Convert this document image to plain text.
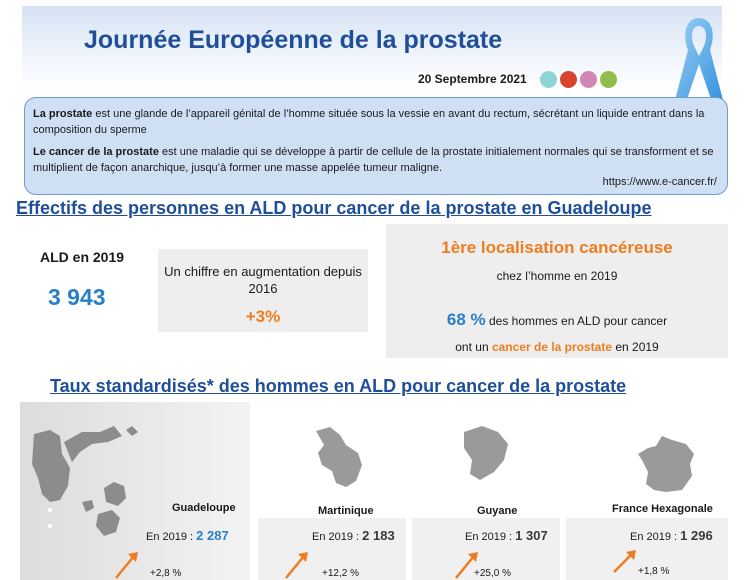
Journée Européenne de la prostate
20 Septembre 2021

La prostate est une glande de l’appareil génital de l’homme située sous la vessie en avant du rectum, sécrétant un liquide entrant dans la composition du sperme

Le cancer de la prostate est une maladie qui se développe à partir de cellule de la prostate initialement normales qui se transforment et se multiplient de façon anarchique, jusqu’à former une masse appelée tumeur maligne.

https://www.e-cancer.fr/
Effectifs des personnes en ALD pour cancer de la prostate en Guadeloupe
ALD en 2019
3 943
Un chiffre en augmentation depuis 2016
+3%
1ère localisation cancéreuse
chez l’homme en 2019
68 % des hommes en ALD pour cancer
ont un cancer de la prostate en 2019
Taux standardisés* des hommes en ALD pour cancer de la prostate
Guadeloupe	Martinique	Guyane	France Hexagonale
En 2019 : 2 287	En 2019 : 2 183	En 2019 : 1 307	En 2019 : 1 296
+2,8 %	+12,2 %	+25,0 %	+1,8 %
